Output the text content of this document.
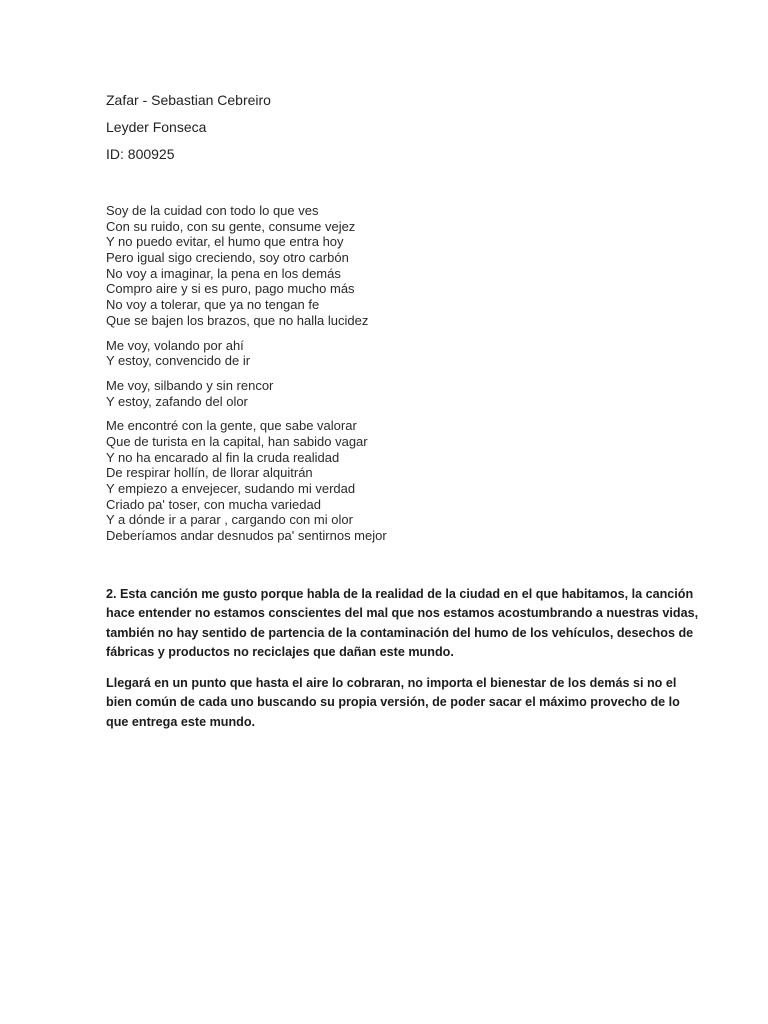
Zafar - Sebastian Cebreiro
Leyder Fonseca
ID: 800925
Soy de la cuidad con todo lo que ves
Con su ruido, con su gente, consume vejez
Y no puedo evitar, el humo que entra hoy
Pero igual sigo creciendo, soy otro carbón
No voy a imaginar, la pena en los demás
Compro aire y si es puro, pago mucho más
No voy a tolerar, que ya no tengan fe
Que se bajen los brazos, que no halla lucidez
Me voy, volando por ahí
Y estoy, convencido de ir
Me voy, silbando y sin rencor
Y estoy, zafando del olor
Me encontré con la gente, que sabe valorar
Que de turista en la capital, han sabido vagar
Y no ha encarado al fin la cruda realidad
De respirar hollín, de llorar alquitrán
Y empiezo a envejecer, sudando mi verdad
Criado pa' toser, con mucha variedad
Y a dónde ir a parar , cargando con mi olor
Deberíamos andar desnudos pa' sentirnos mejor
2. Esta canción me gusto porque habla de la realidad de la ciudad en el que habitamos, la canción
hace entender no estamos conscientes del mal que nos estamos acostumbrando a nuestras vidas,
también no hay sentido de partencia de la contaminación del humo de los vehículos, desechos de
fábricas y productos no reciclajes que dañan este mundo.
Llegará en un punto que hasta el aire lo cobraran, no importa el bienestar de los demás si no el
bien común de cada uno buscando su propia versión, de poder sacar el máximo provecho de lo
que entrega este mundo.
